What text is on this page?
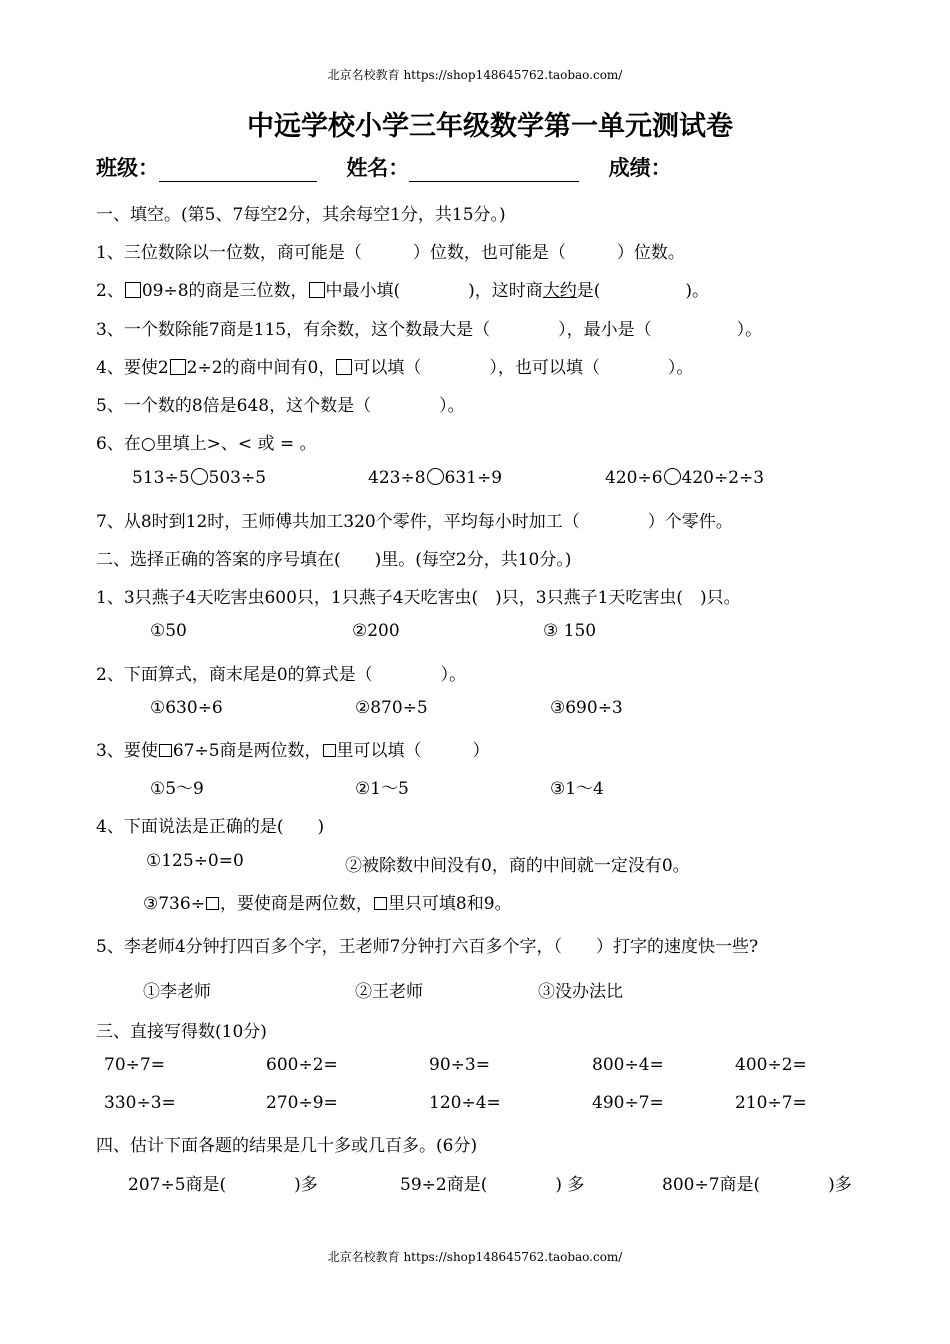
北京名校教育 https://shop148645762.taobao.com/
中远学校小学三年级数学第一单元测试卷
班级：	姓名：	成绩：
一、填空。(第5、7每空2分，其余每空1分，共15分。)
1、三位数除以一位数，商可能是（　　　）位数，也可能是（　　　）位数。
2、 09÷8的商是三位数， 中最小填(　　　　)，这时商大约是(　　　　　)。
3、一个数除能7商是115，有余数，这个数最大是（　　　　），最小是（　　　　　）。
4、要使2 2÷2的商中间有0， 可以填（　　　　），也可以填（　　　　）。
5、一个数的8倍是648，这个数是（　　　　）。
6、在○里填上>、< 或 = 。
513÷5 503÷5	423÷8 631÷9	420÷6 420÷2÷3
7、从8时到12时，王师傅共加工320个零件，平均每小时加工（　　　　）个零件。
二、选择正确的答案的序号填在(　　)里。(每空2分，共10分。)
1、3只燕子4天吃害虫600只，1只燕子4天吃害虫(　)只，3只燕子1天吃害虫(　)只。
①50	②200	③ 150
2、下面算式，商末尾是0的算式是（　　　　）。
①630÷6	②870÷5	③690÷3
3、要使 67÷5商是两位数， 里可以填（　　　）
①5～9	②1～5	③1～4
4、下面说法是正确的是(　　)
①125÷0=0	②被除数中间没有0，商的中间就一定没有0。
③736÷ ，要使商是两位数， 里只可填8和9。
5、李老师4分钟打四百多个字，王老师7分钟打六百多个字，（　　）打字的速度快一些?
①李老师	②王老师	③没办法比
三、直接写得数(10分)
70÷7=	600÷2=	90÷3=	800÷4=	400÷2=
330÷3=	270÷9=	120÷4=	490÷7=	210÷7=
四、估计下面各题的结果是几十多或几百多。(6分)
207÷5商是(　　　　)多	59÷2商是(　　　　) 多	800÷7商是(　　　　)多
北京名校教育 https://shop148645762.taobao.com/
